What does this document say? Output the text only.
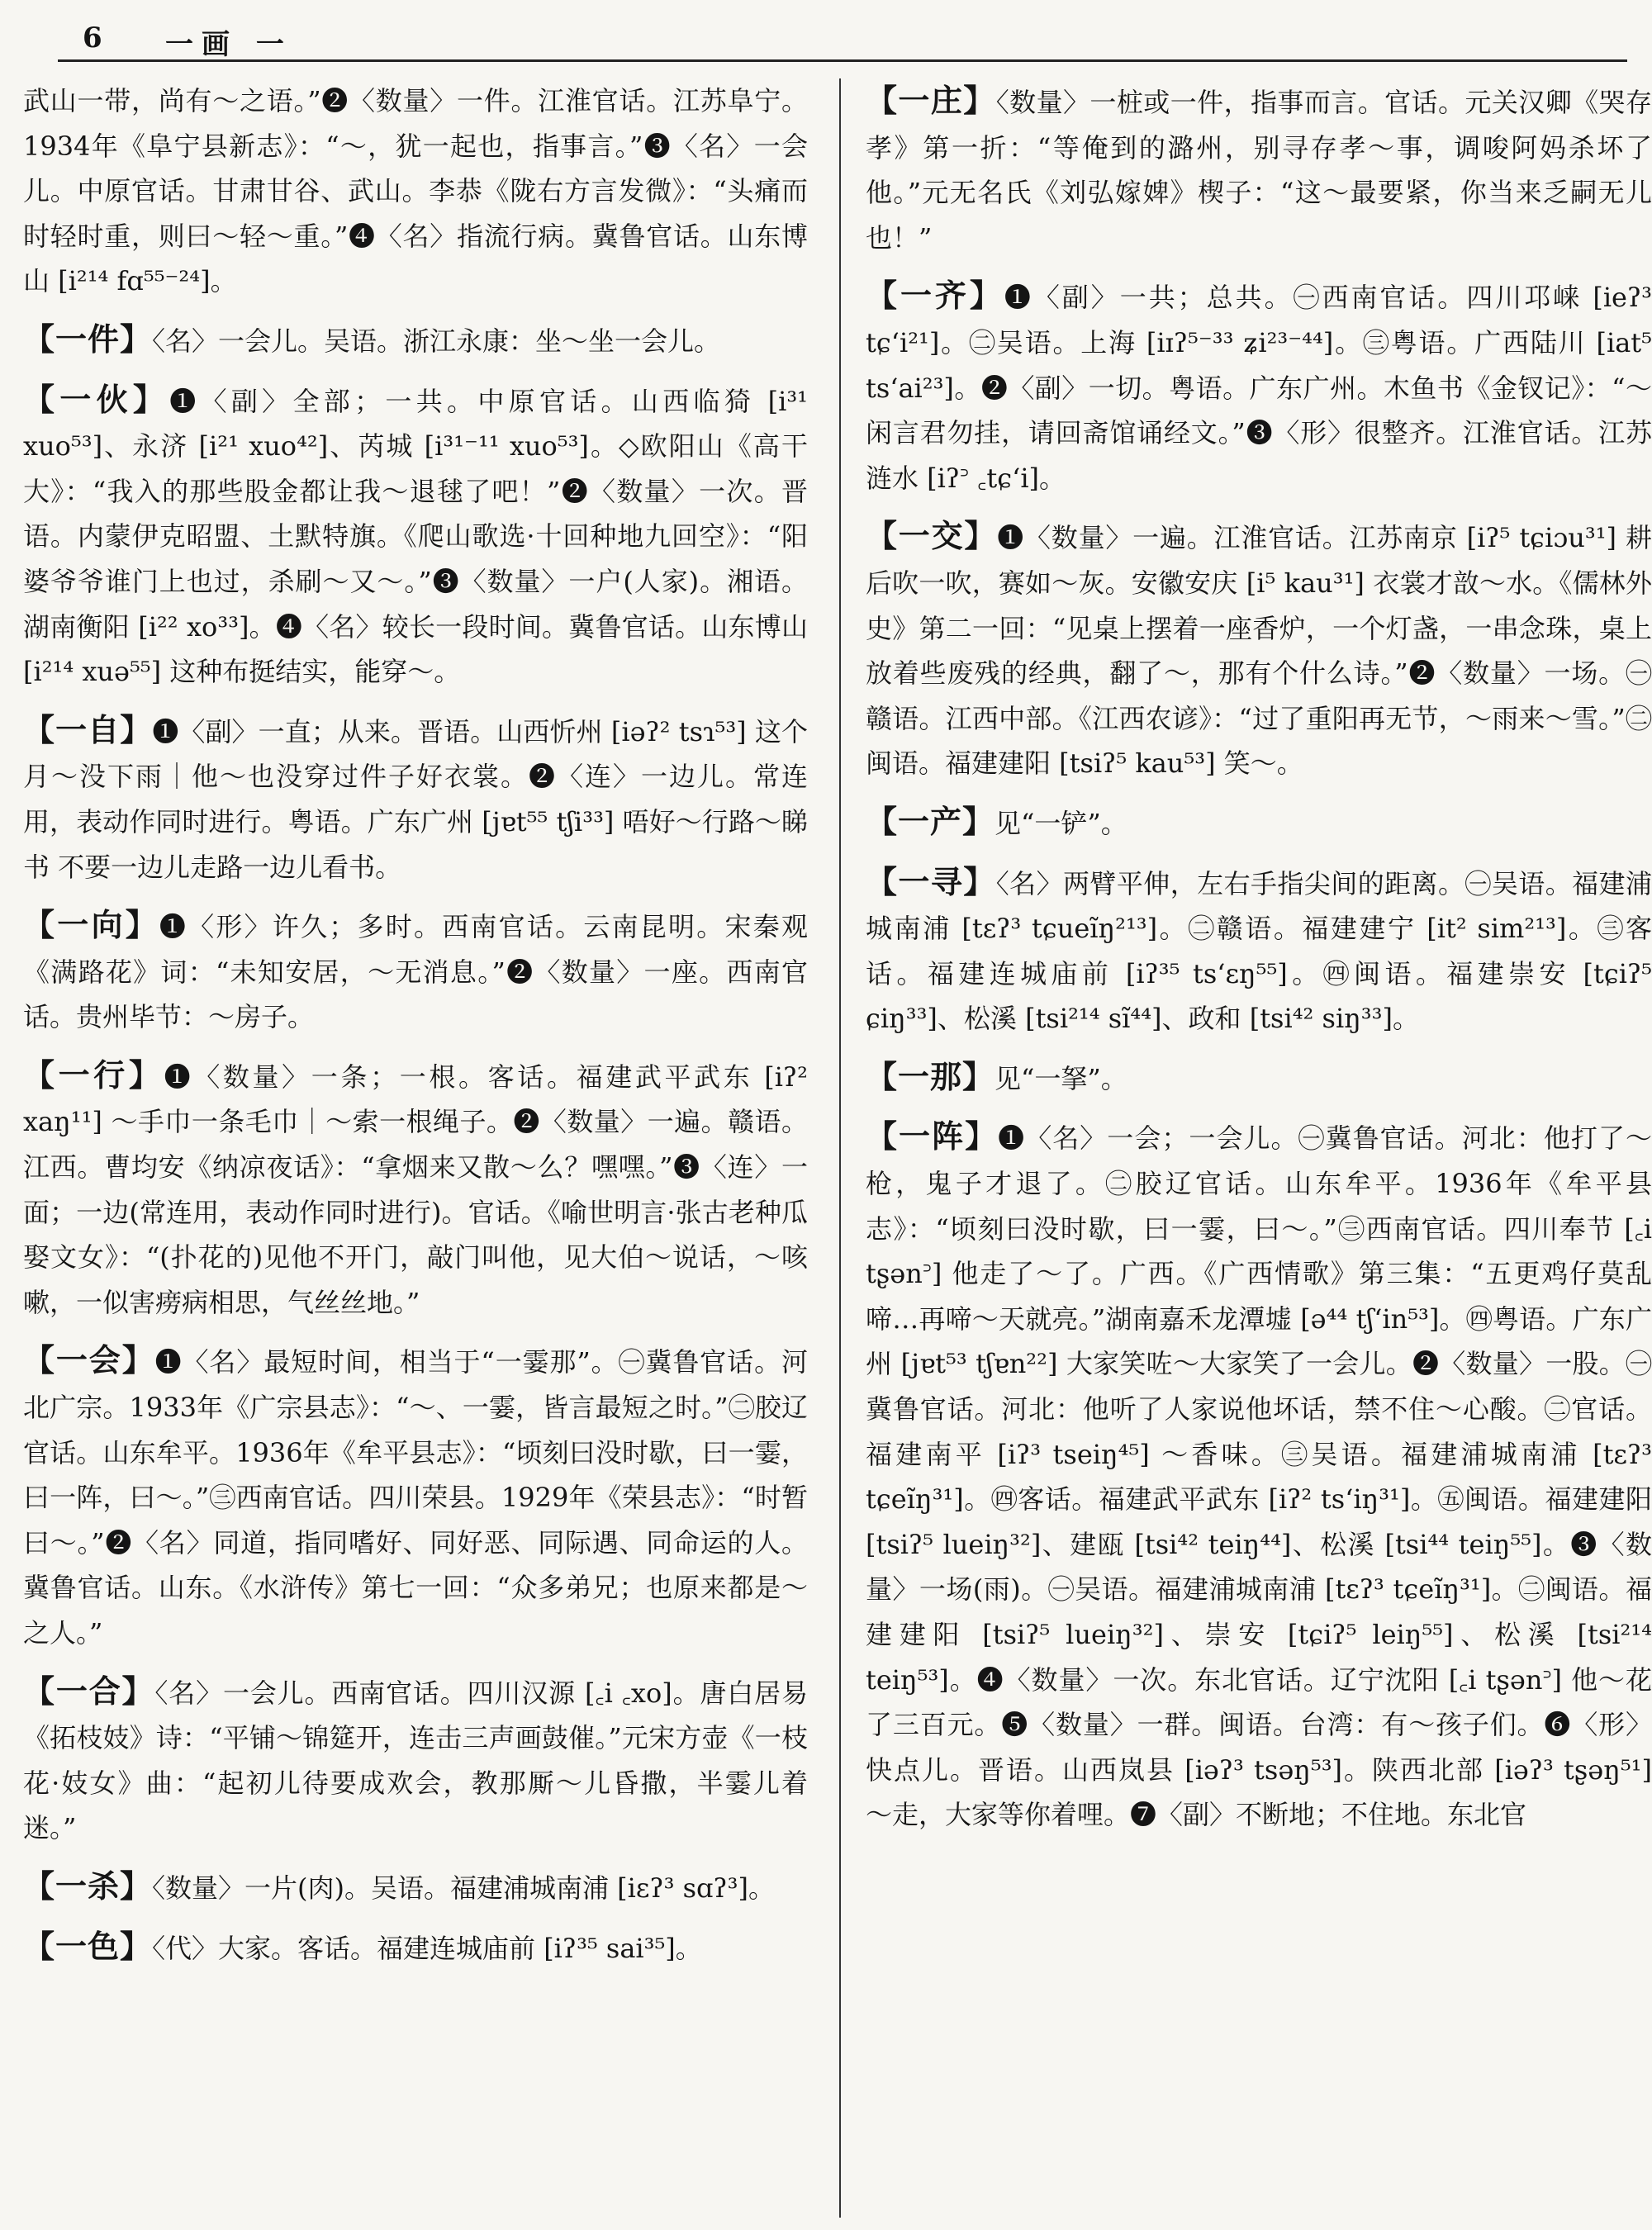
6 一画 一

武山一带，尚有～之语。”❷〈数量〉一件。江淮官话。江苏阜宁。1934年《阜宁县新志》：“～，犹一起也，指事言。”❸〈名〉一会儿。中原官话。甘肃甘谷、武山。李恭《陇右方言发微》：“头痛而时轻时重，则曰～轻～重。”❹〈名〉指流行病。冀鲁官话。山东博山 [i²¹⁴ fɑ⁵⁵⁻²⁴]。

【一件】〈名〉一会儿。吴语。浙江永康：坐～坐一会儿。

【一伙】❶〈副〉全部；一共。中原官话。山西临猗 [i³¹ xuo⁵³]、永济 [i²¹ xuo⁴²]、芮城 [i³¹⁻¹¹ xuo⁵³]。◇欧阳山《高干大》：“我入的那些股金都让我～退毬了吧！”❷〈数量〉一次。晋语。内蒙伊克昭盟、土默特旗。《爬山歌选·十回种地九回空》：“阳婆爷爷谁门上也过，杀刷～又～。”❸〈数量〉一户(人家)。湘语。湖南衡阳 [i²² xo³³]。❹〈名〉较长一段时间。冀鲁官话。山东博山 [i²¹⁴ xuə⁵⁵] 这种布挺结实，能穿～。

【一自】❶〈副〉一直；从来。晋语。山西忻州 [iəʔ² tsɿ⁵³] 这个月～没下雨｜他～也没穿过件子好衣裳。❷〈连〉一边儿。常连用，表动作同时进行。粤语。广东广州 [jɐt⁵⁵ tʃi³³] 唔好～行路～睇书 不要一边儿走路一边儿看书。

【一向】❶〈形〉许久；多时。西南官话。云南昆明。宋秦观《满路花》词：“未知安居，～无消息。”❷〈数量〉一座。西南官话。贵州毕节：～房子。

【一行】❶〈数量〉一条；一根。客话。福建武平武东 [iʔ² xaŋ¹¹] ～手巾一条毛巾｜～索一根绳子。❷〈数量〉一遍。赣语。江西。曹均安《纳凉夜话》：“拿烟来又散～么？嘿嘿。”❸〈连〉一面；一边(常连用，表动作同时进行)。官话。《喻世明言·张古老种瓜娶文女》：“(扑花的)见他不开门，敲门叫他，见大伯～说话，～咳嗽，一似害痨病相思，气丝丝地。”

【一会】❶〈名〉最短时间，相当于“一霎那”。㊀冀鲁官话。河北广宗。1933年《广宗县志》：“～、一霎，皆言最短之时。”㊁胶辽官话。山东牟平。1936年《牟平县志》：“顷刻曰没时歇，曰一霎，曰一阵，曰～。”㊂西南官话。四川荣县。1929年《荣县志》：“时暂曰～。”❷〈名〉同道，指同嗜好、同好恶、同际遇、同命运的人。冀鲁官话。山东。《水浒传》第七一回：“众多弟兄；也原来都是～之人。”

【一合】〈名〉一会儿。西南官话。四川汉源 [꜀i ꜀xo]。唐白居易《拓枝妓》诗：“平铺～锦筵开，连击三声画鼓催。”元宋方壶《一枝花·妓女》曲：“起初儿待要成欢会，教那厮～儿昏撒，半霎儿着迷。”

【一杀】〈数量〉一片(肉)。吴语。福建浦城南浦 [iɛʔ³ sɑʔ³]。

【一色】〈代〉大家。客话。福建连城庙前 [iʔ³⁵ sai³⁵]。

【一庄】〈数量〉一桩或一件，指事而言。官话。元关汉卿《哭存孝》第一折：“等俺到的潞州，别寻存孝～事，调唆阿妈杀坏了他。”元无名氏《刘弘嫁婢》楔子：“这～最要紧，你当来乏嗣无儿也！”

【一齐】❶〈副〉一共；总共。㊀西南官话。四川邛崃 [ieʔ³ tɕʻi²¹]。㊁吴语。上海 [iɪʔ⁵⁻³³ ʑi²³⁻⁴⁴]。㊂粤语。广西陆川 [iat⁵ tsʻai²³]。❷〈副〉一切。粤语。广东广州。木鱼书《金钗记》：“～闲言君勿挂，请回斋馆诵经文。”❸〈形〉很整齐。江淮官话。江苏涟水 [iʔ꜄ ꜀tɕʻi]。

【一交】❶〈数量〉一遍。江淮官话。江苏南京 [iʔ⁵ tɕiɔu³¹] 耕后吹一吹，赛如～灰。安徽安庆 [i⁵ kau³¹] 衣裳才敨～水。《儒林外史》第二一回：“见桌上摆着一座香炉，一个灯盏，一串念珠，桌上放着些废残的经典，翻了～，那有个什么诗。”❷〈数量〉一场。㊀赣语。江西中部。《江西农谚》：“过了重阳再无节，～雨来～雪。”㊁闽语。福建建阳 [tsiʔ⁵ kau⁵³] 笑～。

【一产】见“一铲”。

【一寻】〈名〉两臂平伸，左右手指尖间的距离。㊀吴语。福建浦城南浦 [tɛʔ³ tɕueĩŋ²¹³]。㊁赣语。福建建宁 [it² sim²¹³]。㊂客话。福建连城庙前 [iʔ³⁵ tsʻɛŋ⁵⁵]。㊃闽语。福建崇安 [tɕiʔ⁵ ɕiŋ³³]、松溪 [tsi²¹⁴ sĩ⁴⁴]、政和 [tsi⁴² siŋ³³]。

【一那】见“一拏”。

【一阵】❶〈名〉一会；一会儿。㊀冀鲁官话。河北：他打了～枪，鬼子才退了。㊁胶辽官话。山东牟平。1936年《牟平县志》：“顷刻曰没时歇，曰一霎，曰～。”㊂西南官话。四川奉节 [꜀i tʂən꜄] 他走了～了。广西。《广西情歌》第三集：“五更鸡仔莫乱啼…再啼～天就亮。”湖南嘉禾龙潭墟 [ə⁴⁴ tʃʻin⁵³]。㊃粤语。广东广州 [jɐt⁵³ tʃɐn²²] 大家笑咗～大家笑了一会儿。❷〈数量〉一股。㊀冀鲁官话。河北：他听了人家说他坏话，禁不住～心酸。㊁官话。福建南平 [iʔ³ tseiŋ⁴⁵] ～香味。㊂吴语。福建浦城南浦 [tɛʔ³ tɕeĩŋ³¹]。㊃客话。福建武平武东 [iʔ² tsʻiŋ³¹]。㊄闽语。福建建阳 [tsiʔ⁵ lueiŋ³²]、建瓯 [tsi⁴² teiŋ⁴⁴]、松溪 [tsi⁴⁴ teiŋ⁵⁵]。❸〈数量〉一场(雨)。㊀吴语。福建浦城南浦 [tɛʔ³ tɕeĩŋ³¹]。㊁闽语。福建建阳 [tsiʔ⁵ lueiŋ³²]、崇安 [tɕiʔ⁵ leiŋ⁵⁵]、松溪 [tsi²¹⁴ teiŋ⁵³]。❹〈数量〉一次。东北官话。辽宁沈阳 [꜀i tʂən꜄] 他～花了三百元。❺〈数量〉一群。闽语。台湾：有～孩子们。❻〈形〉快点儿。晋语。山西岚县 [iəʔ³ tsəŋ⁵³]。陕西北部 [iəʔ³ tʂəŋ⁵¹] ～走，大家等你着哩。❼〈副〉不断地；不住地。东北官
